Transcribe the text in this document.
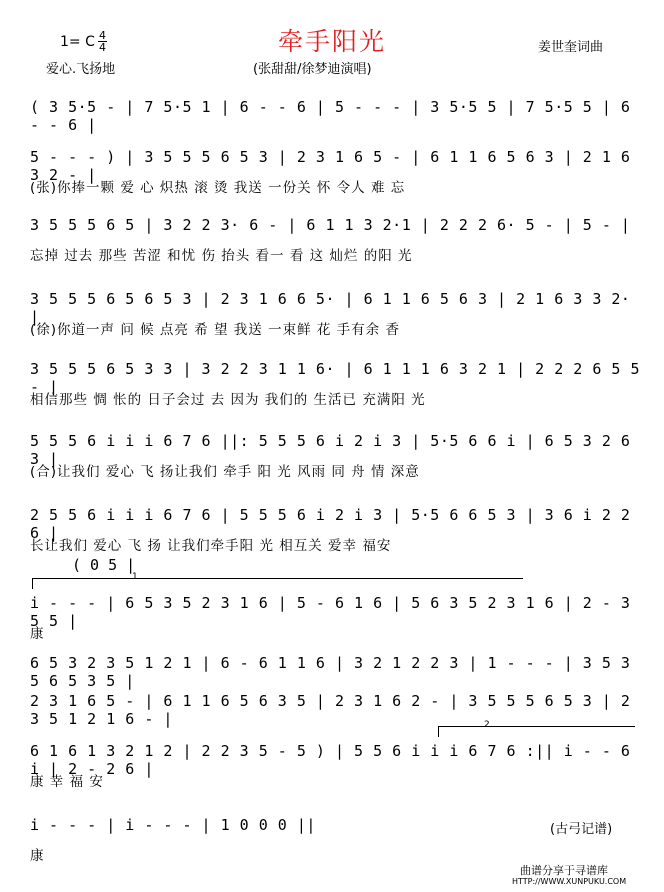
牵手阳光
1= C 4
4
爱心.飞扬地	(张甜甜/徐梦迪演唱)
姜世奎词曲
( 3 5·5 - | 7 5·5 1 | 6 - - 6 | 5 - - - | 3 5·5 5 | 7 5·5 5 | 6 - - 6 |
5 - - - ) | 3 5 5 5 6 5 3 | 2 3 1 6 5 - | 6 1 1 6 5 6 3 | 2 1 6 3 2 - |
(张)你捧一颗 爱 心 炽热 滚 烫 我送 一份关 怀 令人 难 忘
3 5 5 5 6 5 | 3 2 2 3· 6 - | 6 1 1 3 2·1 | 2 2 2 6· 5 - | 5 - |
忘掉 过去 那些 苦涩 和忧 伤 抬头 看一 看 这 灿烂 的阳 光
3 5 5 5 6 5 6 5 3 | 2 3 1 6 6 5· | 6 1 1 6 5 6 3 | 2 1 6 3 3 2· |
(徐)你道一声 问 候 点亮 希 望 我送 一束鲜 花 手有余 香
3 5 5 5 6 5 3 3 | 3 2 2 3 1 1 6· | 6 1 1 1 6 3 2 1 | 2 2 2 6 5 5 - |
相信那些 惆 怅的 日子会过 去 因为 我们的 生活已 充满阳 光
5 5 5 6 i i i 6 7 6 ||: 5 5 5 6 i 2 i 3 | 5·5 6 6 i | 6 5 3 2 6 3 |
(合)让我们 爱心 飞 扬让我们 牵手 阳 光 风雨 同 舟 情 深意
2 5 5 6 i i i 6 7 6 | 5 5 5 6 i 2 i 3 | 5·5 6 6 5 3 | 3 6 i 2 2 6 |
长让我们 爱心 飞 扬 让我们牵手阳 光 相互关 爱幸 福安
( 0 5 |
1
i - - - | 6 5 3 5 2 3 1 6 | 5 - 6 1 6 | 5 6 3 5 2 3 1 6 | 2 - 3 5 5 |
康
6 5 3 2 3 5 1 2 1 | 6 - 6 1 1 6 | 3 2 1 2 2 3 | 1 - - - | 3 5 3 5 6 5 3 5 |
2 3 1 6 5 - | 6 1 1 6 5 6 3 5 | 2 3 1 6 2 - | 3 5 5 5 6 5 3 | 2 3 5 1 2 1 6 - |	2
6 1 6 1 3 2 1 2 | 2 2 3 5 - 5 ) | 5 5 6 i i i 6 7 6 :|| i - - 6 i | 2 - 2 6 |
康 幸 福 安
i - - - | i - - - | 1 0 0 0 ||
康
(古弓记谱)
曲谱分享于寻谱库
HTTP://WWW.XUNPUKU.COM
